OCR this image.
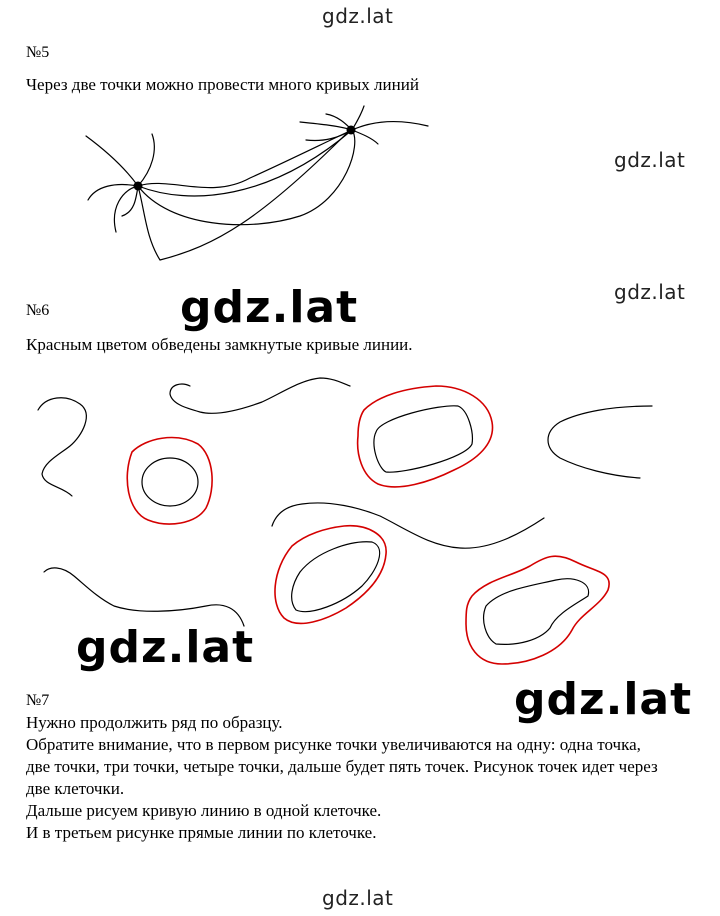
gdz.lat
gdz.lat
gdz.lat
gdz.lat
gdz.lat
gdz.lat
gdz.lat
№5
Через две точки можно провести много кривых линий
№6
Красным цветом обведены замкнутые кривые линии.
№7
Нужно продолжить ряд по образцу.
Обратите внимание, что в первом рисунке точки увеличиваются на одну: одна точка,
две точки, три точки, четыре точки, дальше будет пять точек. Рисунок точек идет через
две клеточки.
Дальше рисуем кривую линию в одной клеточке.
И в третьем рисунке прямые линии по клеточке.
